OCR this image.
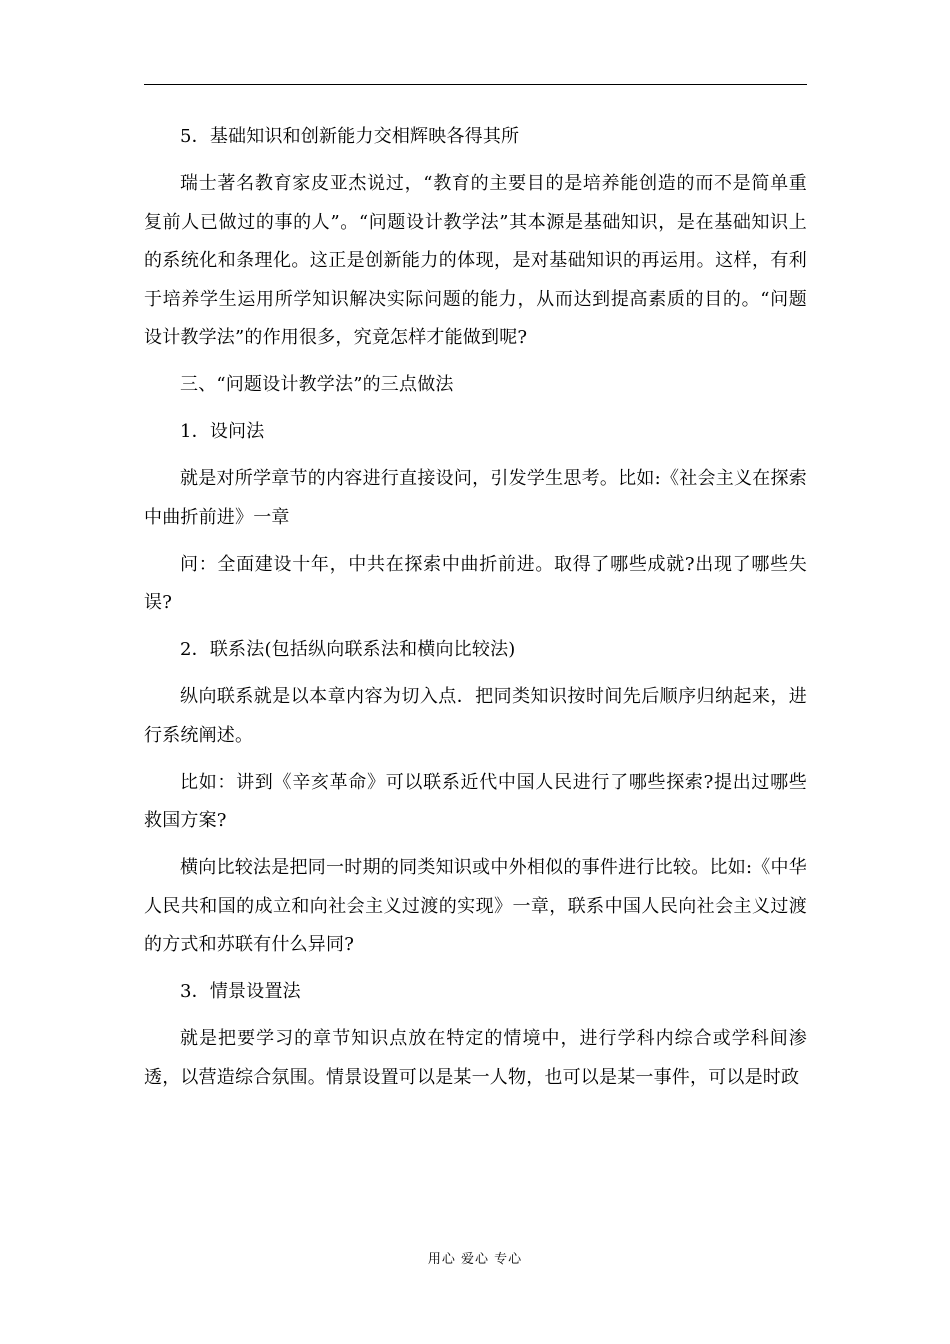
5．基础知识和创新能力交相辉映各得其所

瑞士著名教育家皮亚杰说过，“教育的主要目的是培养能创造的而不是简单重复前人已做过的事的人”。“问题设计教学法”其本源是基础知识，是在基础知识上的系统化和条理化。这正是创新能力的体现，是对基础知识的再运用。这样，有利于培养学生运用所学知识解决实际问题的能力，从而达到提高素质的目的。“问题设计教学法”的作用很多，究竟怎样才能做到呢?

三、“问题设计教学法”的三点做法

1．设问法

就是对所学章节的内容进行直接设问，引发学生思考。比如:《社会主义在探索中曲折前进》一章

问：全面建设十年，中共在探索中曲折前进。取得了哪些成就?出现了哪些失误?

2．联系法(包括纵向联系法和横向比较法)

纵向联系就是以本章内容为切入点．把同类知识按时间先后顺序归纳起来，进行系统阐述。

比如：讲到《辛亥革命》可以联系近代中国人民进行了哪些探索?提出过哪些救国方案?

横向比较法是把同一时期的同类知识或中外相似的事件进行比较。比如:《中华人民共和国的成立和向社会主义过渡的实现》一章，联系中国人民向社会主义过渡的方式和苏联有什么异同?

3．情景设置法

就是把要学习的章节知识点放在特定的情境中，进行学科内综合或学科间渗透，以营造综合氛围。情景设置可以是某一人物，也可以是某一事件，可以是时政

用心 爱心 专心
